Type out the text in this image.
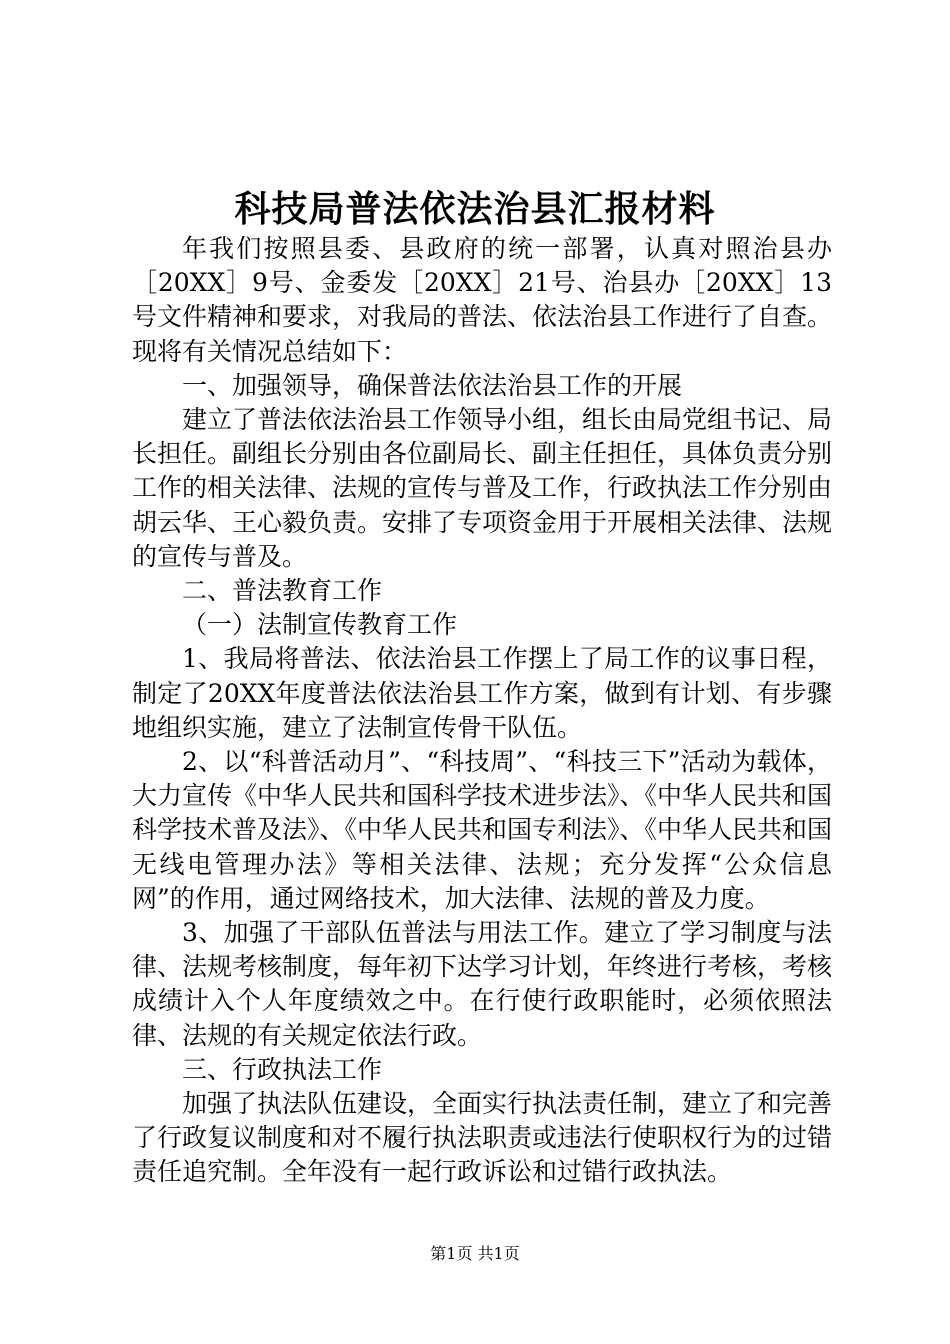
科技局普法依法治县汇报材料

年我们按照县委、县政府的统一部署，认真对照治县办［20XX］9号、金委发［20XX］21号、治县办［20XX］13号文件精神和要求，对我局的普法、依法治县工作进行了自查。现将有关情况总结如下：

一、加强领导，确保普法依法治县工作的开展

建立了普法依法治县工作领导小组，组长由局党组书记、局长担任。副组长分别由各位副局长、副主任担任，具体负责分别工作的相关法律、法规的宣传与普及工作，行政执法工作分别由胡云华、王心毅负责。安排了专项资金用于开展相关法律、法规的宣传与普及。

二、普法教育工作

（一）法制宣传教育工作

1、我局将普法、依法治县工作摆上了局工作的议事日程，制定了20XX年度普法依法治县工作方案，做到有计划、有步骤地组织实施，建立了法制宣传骨干队伍。

2、以“科普活动月”、“科技周”、“科技三下”活动为载体，大力宣传《中华人民共和国科学技术进步法》、《中华人民共和国科学技术普及法》、《中华人民共和国专利法》、《中华人民共和国无线电管理办法》等相关法律、法规；充分发挥“公众信息网”的作用，通过网络技术，加大法律、法规的普及力度。

3、加强了干部队伍普法与用法工作。建立了学习制度与法律、法规考核制度，每年初下达学习计划，年终进行考核，考核成绩计入个人年度绩效之中。在行使行政职能时，必须依照法律、法规的有关规定依法行政。

三、行政执法工作

加强了执法队伍建设，全面实行执法责任制，建立了和完善了行政复议制度和对不履行执法职责或违法行使职权行为的过错责任追究制。全年没有一起行政诉讼和过错行政执法。

第1页 共1页
